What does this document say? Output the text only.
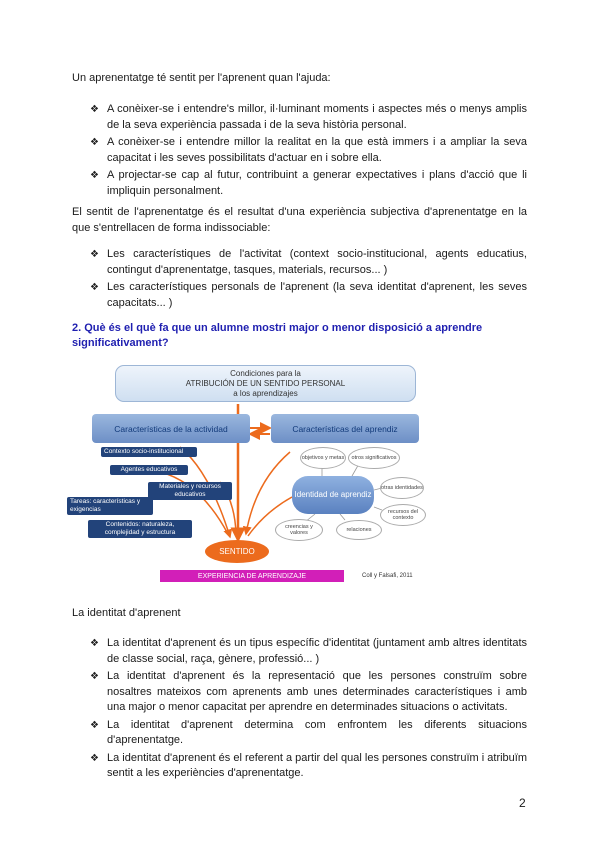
Un aprenentatge té sentit per l'aprenent quan l'ajuda:

❖ A conèixer-se i entendre's millor, il·luminant moments i aspectes més o menys amplis de la seva experiència passada i de la seva història personal.
❖ A conèixer-se i entendre millor la realitat en la que està immers i a ampliar la seva capacitat i les seves possibilitats d'actuar en i sobre ella.
❖ A projectar-se cap al futur, contribuint a generar expectatives i plans d'acció que li impliquin personalment.

El sentit de l'aprenentatge és el resultat d'una experiència subjectiva d'aprenentatge en la que s'entrellacen de forma indissociable:

❖ Les característiques de l'activitat (context socio-institucional, agents educatius, contingut d'aprenentatge, tasques, materials, recursos... )
❖ Les característiques personals de l'aprenent (la seva identitat d'aprenent, les seves capacitats... )

2. Què és el què fa que un alumne mostri major o menor disposició a aprendre significativament?

Condiciones para la
ATRIBUCIÓN DE UN SENTIDO PERSONAL
a los aprendizajes
Características de la actividad	Características del aprendiz
Contexto socio-institucional
Agentes educativos
Materiales y recursos educativos
Tareas: características y exigencias
Contenidos: naturaleza, complejidad y estructura
objetivos y metas	otros significativos
Identidad de aprendiz
otras identidades
creencias y valores
relaciones
recursos del contexto
SENTIDO
EXPERIENCIA DE APRENDIZAJE	Coll y Falsafi, 2011

La identitat d'aprenent

❖ La identitat d'aprenent és un tipus específic d'identitat (juntament amb altres identitats de classe social, raça, gènere, professió... )
❖ La identitat d'aprenent és la representació que les persones construïm sobre nosaltres mateixos com aprenents amb unes determinades característiques i amb una major o menor capacitat per aprendre en determinades situacions o activitats.
❖ La identitat d'aprenent determina com enfrontem les diferents situacions d'aprenentatge.
❖ La identitat d'aprenent és el referent a partir del qual les persones construïm i atribuïm sentit a les experiències d'aprenentatge.

2
